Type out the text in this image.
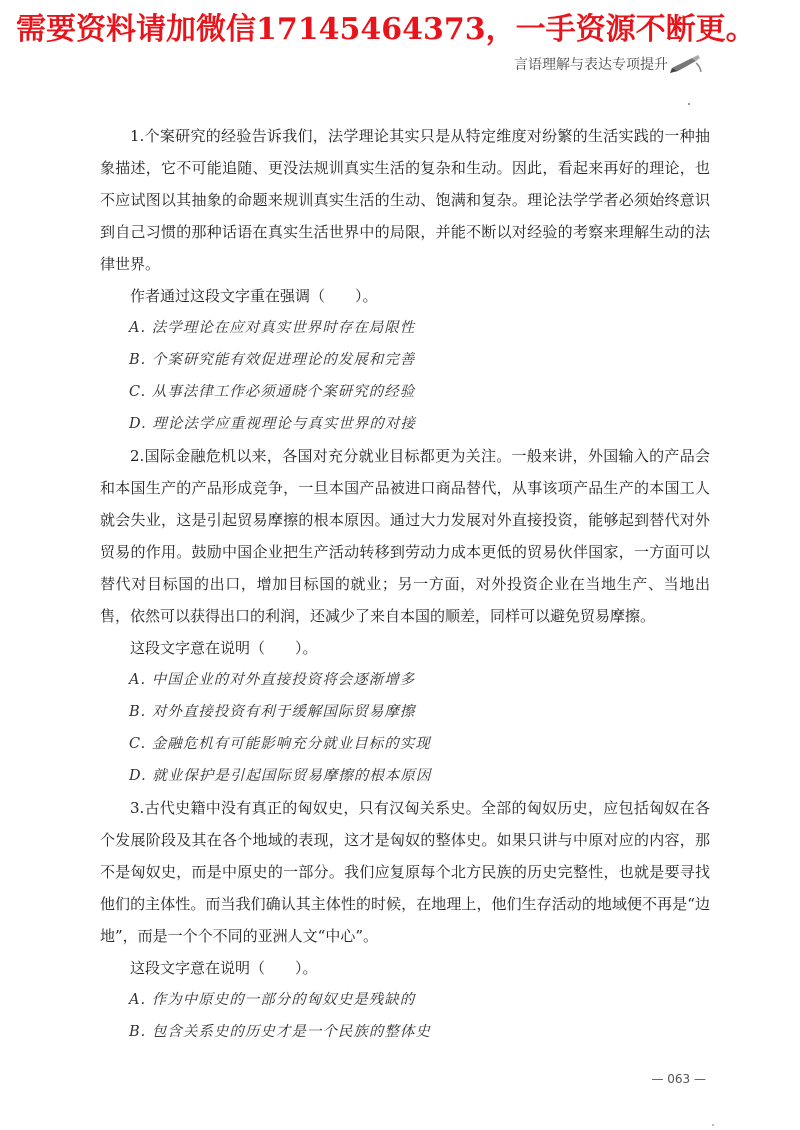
需要资料请加微信17145464373，一手资源不断更。
言语理解与表达专项提升

1.个案研究的经验告诉我们，法学理论其实只是从特定维度对纷繁的生活实践的一种抽象描述，它不可能追随、更没法规训真实生活的复杂和生动。因此，看起来再好的理论，也不应试图以其抽象的命题来规训真实生活的生动、饱满和复杂。理论法学学者必须始终意识到自己习惯的那种话语在真实生活世界中的局限，并能不断以对经验的考察来理解生动的法律世界。

作者通过这段文字重在强调（　　）。

A. 法学理论在应对真实世界时存在局限性

B. 个案研究能有效促进理论的发展和完善

C. 从事法律工作必须通晓个案研究的经验

D. 理论法学应重视理论与真实世界的对接

2.国际金融危机以来，各国对充分就业目标都更为关注。一般来讲，外国输入的产品会和本国生产的产品形成竞争，一旦本国产品被进口商品替代，从事该项产品生产的本国工人就会失业，这是引起贸易摩擦的根本原因。通过大力发展对外直接投资，能够起到替代对外贸易的作用。鼓励中国企业把生产活动转移到劳动力成本更低的贸易伙伴国家，一方面可以替代对目标国的出口，增加目标国的就业；另一方面，对外投资企业在当地生产、当地出售，依然可以获得出口的利润，还减少了来自本国的顺差，同样可以避免贸易摩擦。

这段文字意在说明（　　）。

A. 中国企业的对外直接投资将会逐渐增多

B. 对外直接投资有利于缓解国际贸易摩擦

C. 金融危机有可能影响充分就业目标的实现

D. 就业保护是引起国际贸易摩擦的根本原因

3.古代史籍中没有真正的匈奴史，只有汉匈关系史。全部的匈奴历史，应包括匈奴在各个发展阶段及其在各个地域的表现，这才是匈奴的整体史。如果只讲与中原对应的内容，那不是匈奴史，而是中原史的一部分。我们应复原每个北方民族的历史完整性，也就是要寻找他们的主体性。而当我们确认其主体性的时候，在地理上，他们生存活动的地域便不再是“边地”，而是一个个不同的亚洲人文“中心”。

这段文字意在说明（　　）。

A. 作为中原史的一部分的匈奴史是残缺的

B. 包含关系史的历史才是一个民族的整体史

— 063 —
